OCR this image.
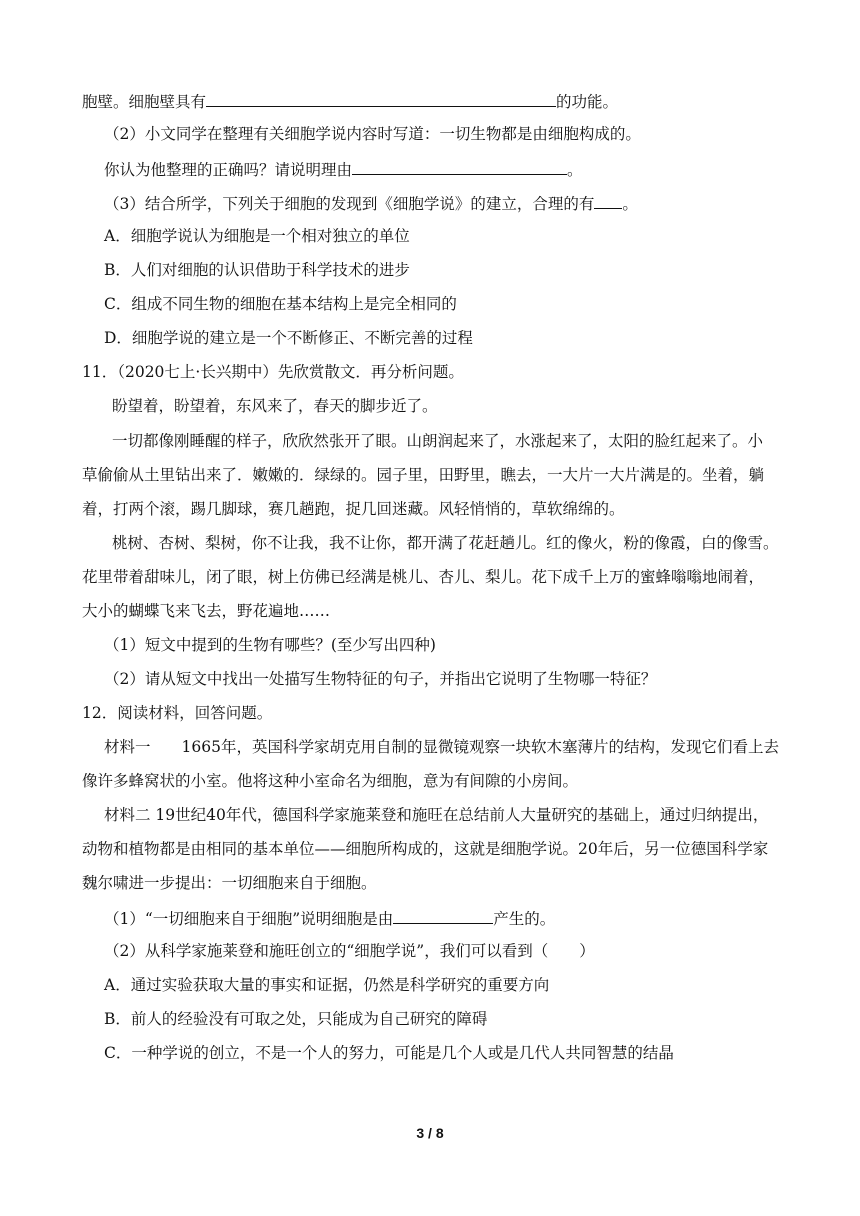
胞壁。细胞壁具有	的功能。
（2）小文同学在整理有关细胞学说内容时写道：一切生物都是由细胞构成的。
你认为他整理的正确吗？请说明理由	。
（3）结合所学，下列关于细胞的发现到《细胞学说》的建立，合理的有 。
A．细胞学说认为细胞是一个相对独立的单位
B．人们对细胞的认识借助于科学技术的进步
C．组成不同生物的细胞在基本结构上是完全相同的
D．细胞学说的建立是一个不断修正、不断完善的过程
11．（2020七上·长兴期中）先欣赏散文．再分析问题。
盼望着，盼望着，东风来了，春天的脚步近了。
一切都像刚睡醒的样子，欣欣然张开了眼。山朗润起来了，水涨起来了，太阳的脸红起来了。小
草偷偷从土里钻出来了．嫩嫩的．绿绿的。园子里，田野里，瞧去，一大片一大片满是的。坐着，躺
着，打两个滚，踢几脚球，赛几趟跑，捉几回迷藏。风轻悄悄的，草软绵绵的。
桃树、杏树、梨树，你不让我，我不让你，都开满了花赶趟儿。红的像火，粉的像霞，白的像雪。
花里带着甜味儿，闭了眼，树上仿佛已经满是桃儿、杏儿、梨儿。花下成千上万的蜜蜂嗡嗡地闹着，
大小的蝴蝶飞来飞去，野花遍地……
（1）短文中提到的生物有哪些？(至少写出四种)
（2）请从短文中找出一处描写生物特征的句子，并指出它说明了生物哪一特征？
12．阅读材料，回答问题。
材料一　　1665年，英国科学家胡克用自制的显微镜观察一块软木塞薄片的结构，发现它们看上去
像许多蜂窝状的小室。他将这种小室命名为细胞，意为有间隙的小房间。
材料二 19世纪40年代，德国科学家施莱登和施旺在总结前人大量研究的基础上，通过归纳提出，
动物和植物都是由相同的基本单位——细胞所构成的，这就是细胞学说。20年后，另一位德国科学家
魏尔啸进一步提出：一切细胞来自于细胞。
（1）“一切细胞来自于细胞”说明细胞是由	产生的。
（2）从科学家施莱登和施旺创立的“细胞学说”，我们可以看到（　　）
A．通过实验获取大量的事实和证据，仍然是科学研究的重要方向
B．前人的经验没有可取之处，只能成为自己研究的障碍
C．一种学说的创立，不是一个人的努力，可能是几个人或是几代人共同智慧的结晶
3 / 8
